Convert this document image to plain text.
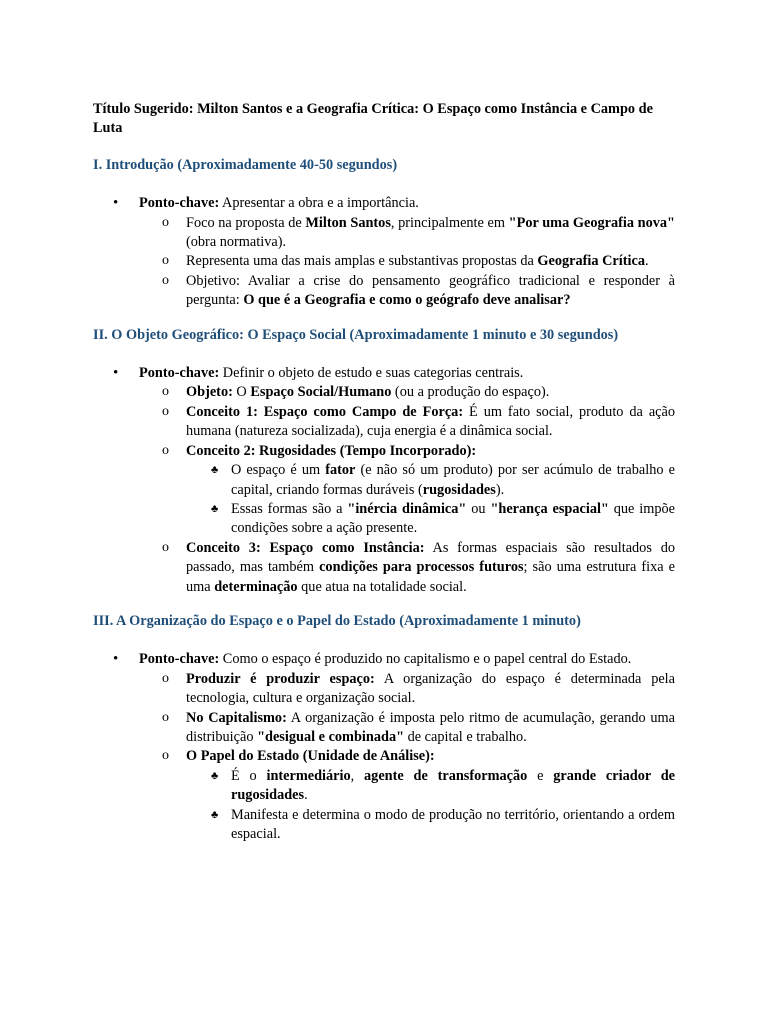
Título Sugerido: Milton Santos e a Geografia Crítica: O Espaço como Instância e Campo de Luta

I. Introdução (Aproximadamente 40-50 segundos)

• Ponto-chave: Apresentar a obra e a importância.
o Foco na proposta de Milton Santos, principalmente em "Por uma Geografia nova" (obra normativa).
o Representa uma das mais amplas e substantivas propostas da Geografia Crítica.
o Objetivo: Avaliar a crise do pensamento geográfico tradicional e responder à pergunta: O que é a Geografia e como o geógrafo deve analisar?

II. O Objeto Geográfico: O Espaço Social (Aproximadamente 1 minuto e 30 segundos)

• Ponto-chave: Definir o objeto de estudo e suas categorias centrais.
o Objeto: O Espaço Social/Humano (ou a produção do espaço).
o Conceito 1: Espaço como Campo de Força: É um fato social, produto da ação humana (natureza socializada), cuja energia é a dinâmica social.
o Conceito 2: Rugosidades (Tempo Incorporado):
♣ O espaço é um fator (e não só um produto) por ser acúmulo de trabalho e capital, criando formas duráveis (rugosidades).
♣ Essas formas são a "inércia dinâmica" ou "herança espacial" que impõe condições sobre a ação presente.
o Conceito 3: Espaço como Instância: As formas espaciais são resultados do passado, mas também condições para processos futuros; são uma estrutura fixa e uma determinação que atua na totalidade social.

III. A Organização do Espaço e o Papel do Estado (Aproximadamente 1 minuto)

• Ponto-chave: Como o espaço é produzido no capitalismo e o papel central do Estado.
o Produzir é produzir espaço: A organização do espaço é determinada pela tecnologia, cultura e organização social.
o No Capitalismo: A organização é imposta pelo ritmo de acumulação, gerando uma distribuição "desigual e combinada" de capital e trabalho.
o O Papel do Estado (Unidade de Análise):
♣ É o intermediário, agente de transformação e grande criador de rugosidades.
♣ Manifesta e determina o modo de produção no território, orientando a ordem espacial.
